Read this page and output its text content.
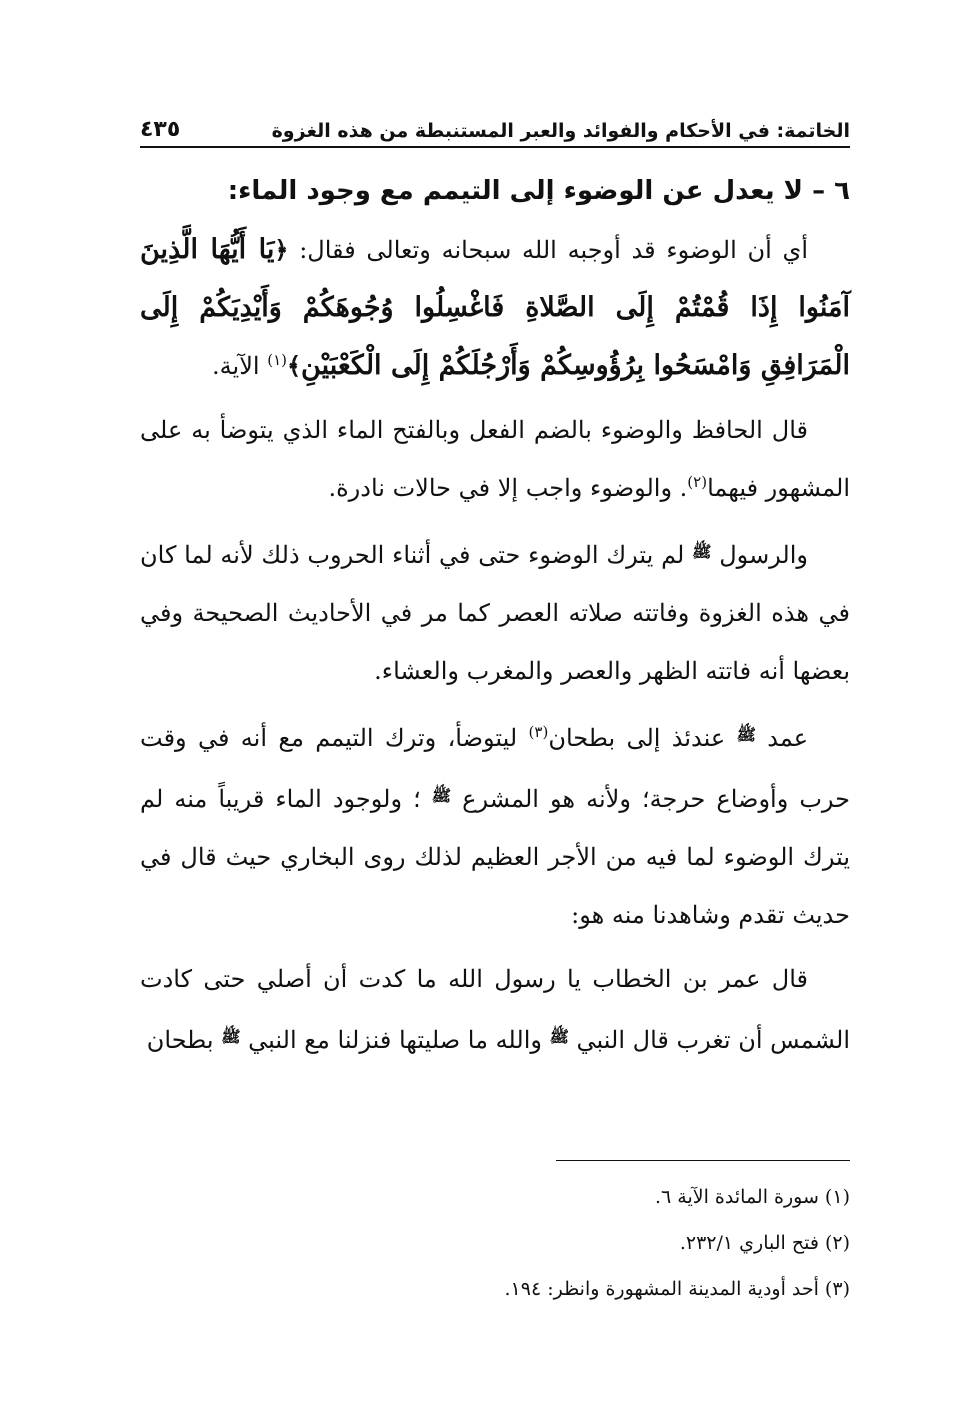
الخاتمة: في الأحكام والفوائد والعبر المستنبطة من هذه الغزوة
٤٣٥
٦ – لا يعدل عن الوضوء إلى التيمم مع وجود الماء:

أي أن الوضوء قد أوجبه الله سبحانه وتعالى فقال: ﴿يَا أَيُّهَا الَّذِينَ آمَنُوا إِذَا قُمْتُمْ إِلَى الصَّلاةِ فَاغْسِلُوا وُجُوهَكُمْ وَأَيْدِيَكُمْ إِلَى الْمَرَافِقِ وَامْسَحُوا بِرُؤُوسِكُمْ وَأَرْجُلَكُمْ إِلَى الْكَعْبَيْنِ﴾$^{(١)}$ الآية.

قال الحافظ والوضوء بالضم الفعل وبالفتح الماء الذي يتوضأ به على المشهور فيهما$^{(٢)}$. والوضوء واجب إلا في حالات نادرة.

والرسول $^ﷺ$ لم يترك الوضوء حتى في أثناء الحروب ذلك لأنه لما كان في هذه الغزوة وفاتته صلاته العصر كما مر في الأحاديث الصحيحة وفي بعضها أنه فاتته الظهر والعصر والمغرب والعشاء.

عمد $^ﷺ$ عندئذ إلى بطحان$^{(٣)}$ ليتوضأ، وترك التيمم مع أنه في وقت حرب وأوضاع حرجة؛ ولأنه هو المشرع $^ﷺ$ ؛ ولوجود الماء قريباً منه لم يترك الوضوء لما فيه من الأجر العظيم لذلك روى البخاري حيث قال في حديث تقدم وشاهدنا منه هو:

قال عمر بن الخطاب يا رسول الله ما كدت أن أصلي حتى كادت الشمس أن تغرب قال النبي $^ﷺ$ والله ما صليتها فنزلنا مع النبي $^ﷺ$ بطحان

(١) سورة المائدة الآية ٦.

(٢) فتح الباري ٢٣٢/١.

(٣) أحد أودية المدينة المشهورة وانظر: ١٩٤.
